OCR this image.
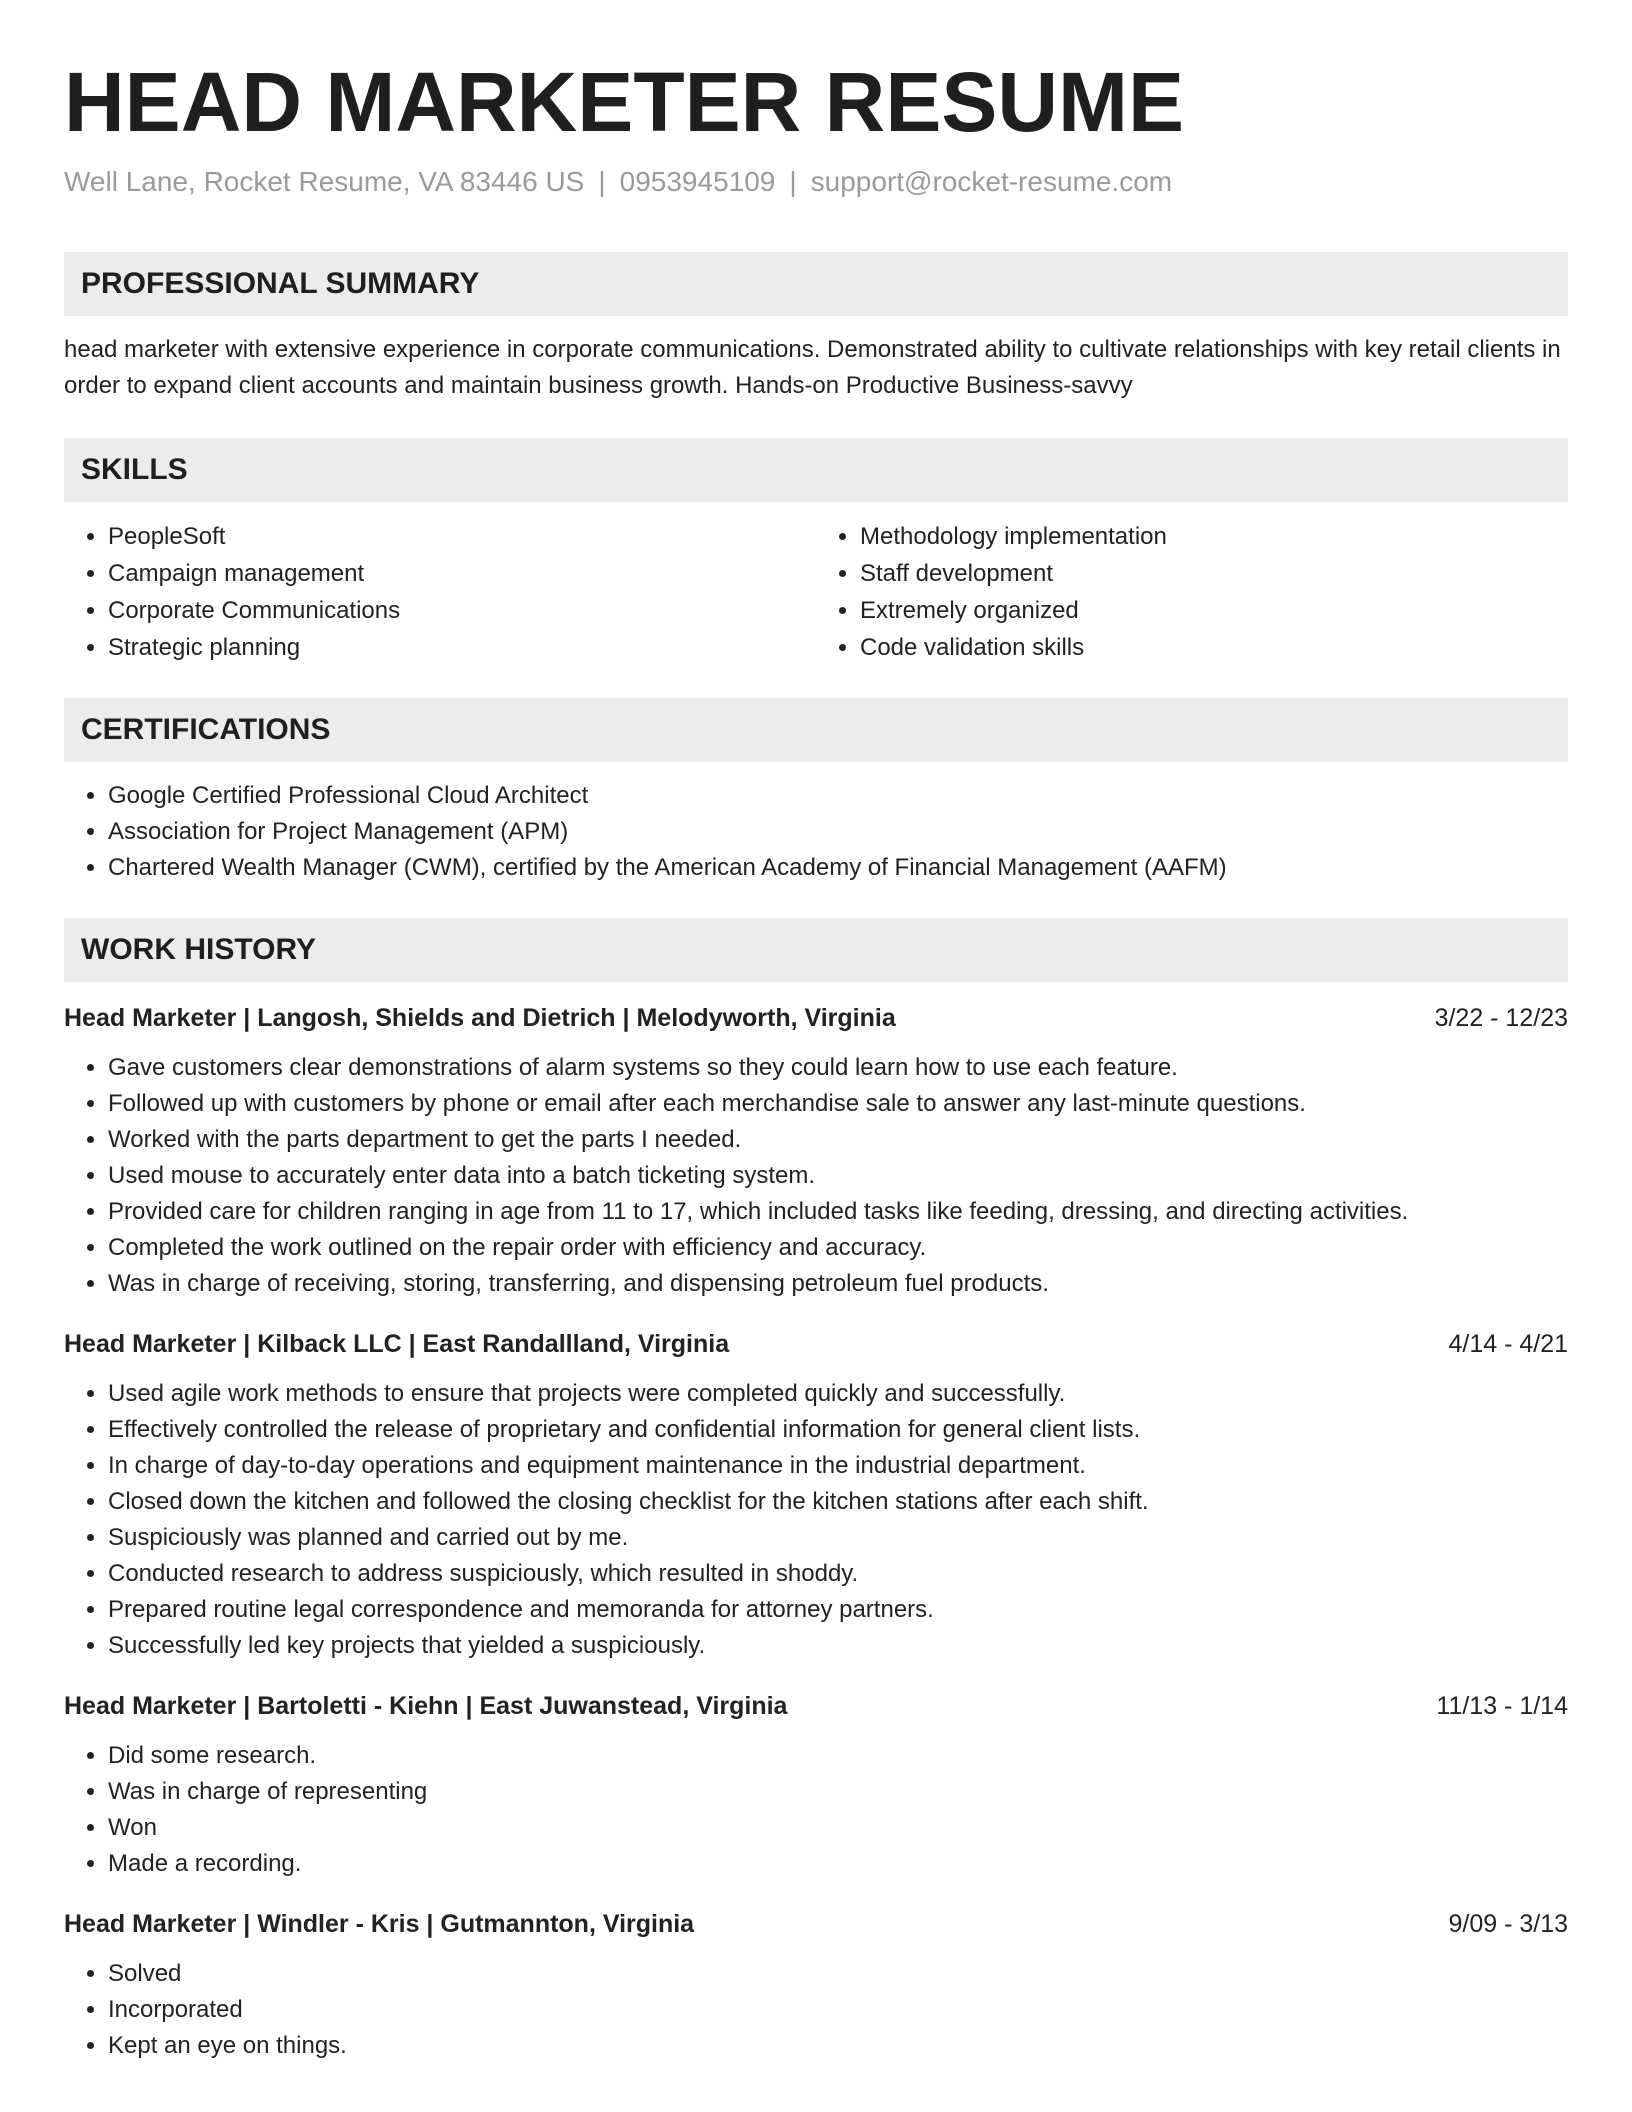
HEAD MARKETER RESUME
Well Lane, Rocket Resume, VA 83446 US | 0953945109 | support@rocket-resume.com
PROFESSIONAL SUMMARY
head marketer with extensive experience in corporate communications. Demonstrated ability to cultivate relationships with key retail clients in order to expand client accounts and maintain business growth. Hands-on Productive Business-savvy
SKILLS
• PeopleSoft
• Campaign management
• Corporate Communications
• Strategic planning
• Methodology implementation
• Staff development
• Extremely organized
• Code validation skills
CERTIFICATIONS
• Google Certified Professional Cloud Architect
• Association for Project Management (APM)
• Chartered Wealth Manager (CWM), certified by the American Academy of Financial Management (AAFM)
WORK HISTORY
Head Marketer | Langosh, Shields and Dietrich | Melodyworth, Virginia	3/22 - 12/23
• Gave customers clear demonstrations of alarm systems so they could learn how to use each feature.
• Followed up with customers by phone or email after each merchandise sale to answer any last-minute questions.
• Worked with the parts department to get the parts I needed.
• Used mouse to accurately enter data into a batch ticketing system.
• Provided care for children ranging in age from 11 to 17, which included tasks like feeding, dressing, and directing activities.
• Completed the work outlined on the repair order with efficiency and accuracy.
• Was in charge of receiving, storing, transferring, and dispensing petroleum fuel products.
Head Marketer | Kilback LLC | East Randallland, Virginia	4/14 - 4/21
• Used agile work methods to ensure that projects were completed quickly and successfully.
• Effectively controlled the release of proprietary and confidential information for general client lists.
• In charge of day-to-day operations and equipment maintenance in the industrial department.
• Closed down the kitchen and followed the closing checklist for the kitchen stations after each shift.
• Suspiciously was planned and carried out by me.
• Conducted research to address suspiciously, which resulted in shoddy.
• Prepared routine legal correspondence and memoranda for attorney partners.
• Successfully led key projects that yielded a suspiciously.
Head Marketer | Bartoletti - Kiehn | East Juwanstead, Virginia	11/13 - 1/14
• Did some research.
• Was in charge of representing
• Won
• Made a recording.
Head Marketer | Windler - Kris | Gutmannton, Virginia	9/09 - 3/13
• Solved
• Incorporated
• Kept an eye on things.
